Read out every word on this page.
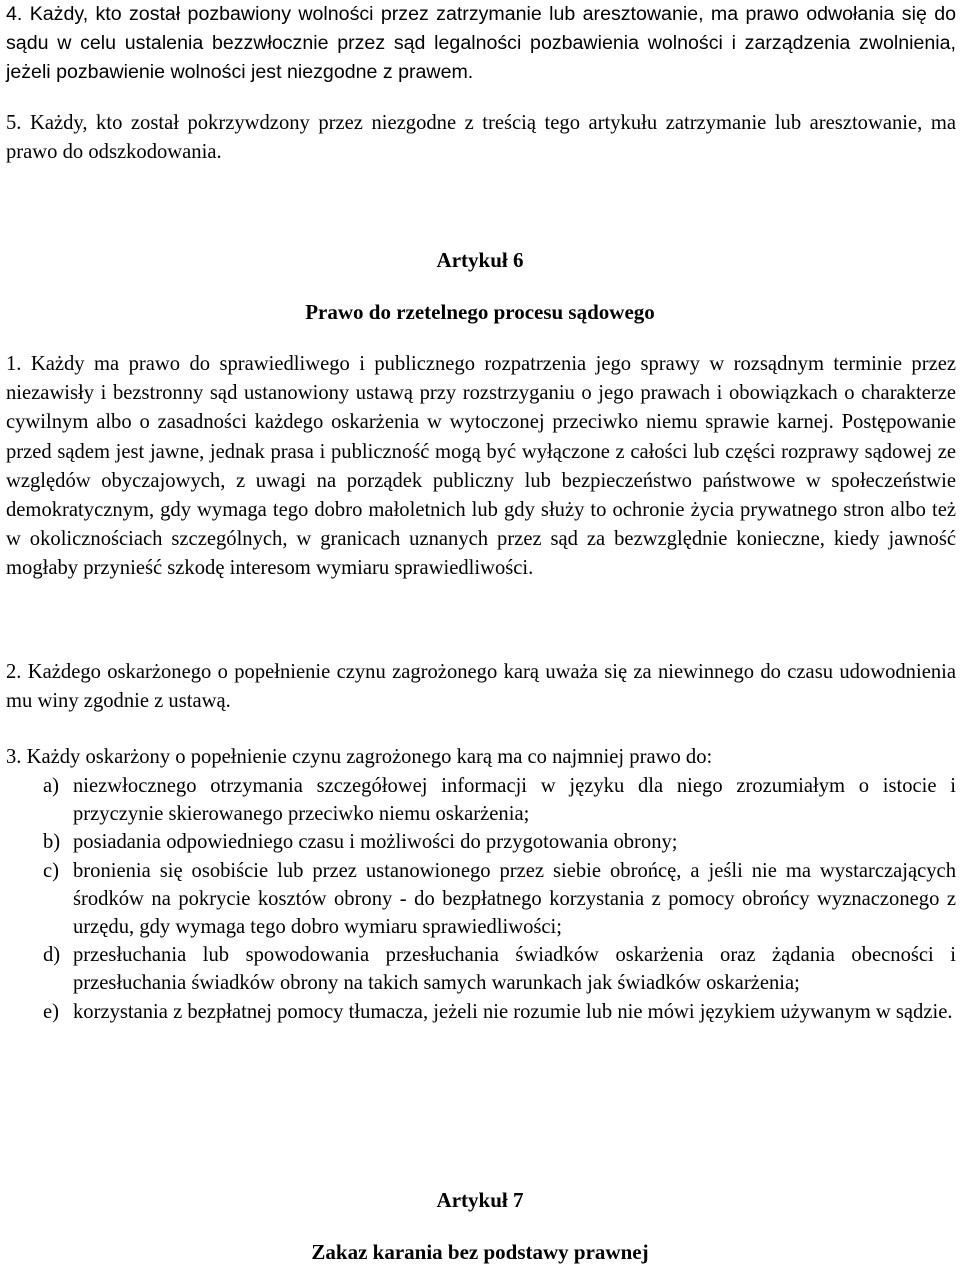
4. Każdy, kto został pozbawiony wolności przez zatrzymanie lub aresztowanie, ma prawo odwołania się do sądu w celu ustalenia bezzwłocznie przez sąd legalności pozbawienia wolności i zarządzenia zwolnienia, jeżeli pozbawienie wolności jest niezgodne z prawem.

5. Każdy, kto został pokrzywdzony przez niezgodne z treścią tego artykułu zatrzymanie lub aresztowanie, ma prawo do odszkodowania.

Artykuł 6
Prawo do rzetelnego procesu sądowego

1. Każdy ma prawo do sprawiedliwego i publicznego rozpatrzenia jego sprawy w rozsądnym terminie przez niezawisły i bezstronny sąd ustanowiony ustawą przy rozstrzyganiu o jego prawach i obowiązkach o charakterze cywilnym albo o zasadności każdego oskarżenia w wytoczonej przeciwko niemu sprawie karnej. Postępowanie przed sądem jest jawne, jednak prasa i publiczność mogą być wyłączone z całości lub części rozprawy sądowej ze względów obyczajowych, z uwagi na porządek publiczny lub bezpieczeństwo państwowe w społeczeństwie demokratycznym, gdy wymaga tego dobro małoletnich lub gdy służy to ochronie życia prywatnego stron albo też w okolicznościach szczególnych, w granicach uznanych przez sąd za bezwzględnie konieczne, kiedy jawność mogłaby przynieść szkodę interesom wymiaru sprawiedliwości.

2. Każdego oskarżonego o popełnienie czynu zagrożonego karą uważa się za niewinnego do czasu udowodnienia mu winy zgodnie z ustawą.

3. Każdy oskarżony o popełnienie czynu zagrożonego karą ma co najmniej prawo do:

a) niezwłocznego otrzymania szczegółowej informacji w języku dla niego zrozumiałym o istocie i przyczynie skierowanego przeciwko niemu oskarżenia;
b) posiadania odpowiedniego czasu i możliwości do przygotowania obrony;
c) bronienia się osobiście lub przez ustanowionego przez siebie obrońcę, a jeśli nie ma wystarczających środków na pokrycie kosztów obrony - do bezpłatnego korzystania z pomocy obrońcy wyznaczonego z urzędu, gdy wymaga tego dobro wymiaru sprawiedliwości;
d) przesłuchania lub spowodowania przesłuchania świadków oskarżenia oraz żądania obecności i przesłuchania świadków obrony na takich samych warunkach jak świadków oskarżenia;
e) korzystania z bezpłatnej pomocy tłumacza, jeżeli nie rozumie lub nie mówi językiem używanym w sądzie.
Artykuł 7
Zakaz karania bez podstawy prawnej
